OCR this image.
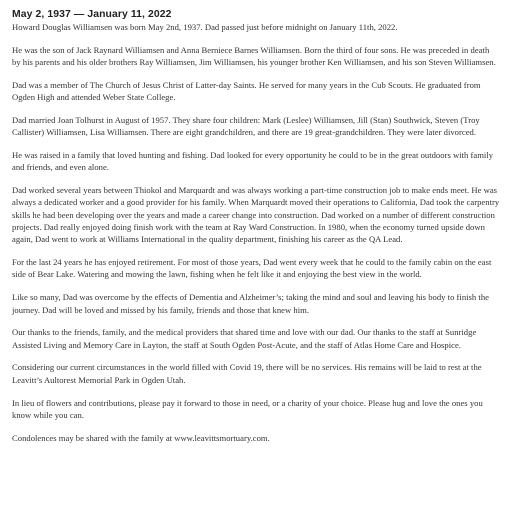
May 2, 1937 — January 11, 2022

Howard Douglas Williamsen was born May 2nd, 1937. Dad passed just before midnight on January 11th, 2022.

He was the son of Jack Raynard Williamsen and Anna Berniece Barnes Williamsen. Born the third of four sons. He was preceded in death by his parents and his older brothers Ray Williamsen, Jim Williamsen, his younger brother Ken Williamsen, and his son Steven Williamsen.

Dad was a member of The Church of Jesus Christ of Latter-day Saints. He served for many years in the Cub Scouts. He graduated from Ogden High and attended Weber State College.

Dad married Joan Tolhurst in August of 1957. They share four children: Mark (Leslee) Williamsen, Jill (Stan) Southwick, Steven (Troy Callister) Williamsen, Lisa Williamsen. There are eight grandchildren, and there are 19 great-grandchildren. They were later divorced.

He was raised in a family that loved hunting and fishing. Dad looked for every opportunity he could to be in the great outdoors with family and friends, and even alone.

Dad worked several years between Thiokol and Marquardt and was always working a part-time construction job to make ends meet. He was always a dedicated worker and a good provider for his family. When Marquardt moved their operations to California, Dad took the carpentry skills he had been developing over the years and made a career change into construction. Dad worked on a number of different construction projects. Dad really enjoyed doing finish work with the team at Ray Ward Construction. In 1980, when the economy turned upside down again, Dad went to work at Williams International in the quality department, finishing his career as the QA Lead.

For the last 24 years he has enjoyed retirement. For most of those years, Dad went every week that he could to the family cabin on the east side of Bear Lake. Watering and mowing the lawn, fishing when he felt like it and enjoying the best view in the world.

Like so many, Dad was overcome by the effects of Dementia and Alzheimer’s; taking the mind and soul and leaving his body to finish the journey. Dad will be loved and missed by his family, friends and those that knew him.

Our thanks to the friends, family, and the medical providers that shared time and love with our dad. Our thanks to the staff at Sunridge Assisted Living and Memory Care in Layton, the staff at South Ogden Post-Acute, and the staff of Atlas Home Care and Hospice.

Considering our current circumstances in the world filled with Covid 19, there will be no services. His remains will be laid to rest at the Leavitt’s Aultorest Memorial Park in Ogden Utah.

In lieu of flowers and contributions, please pay it forward to those in need, or a charity of your choice. Please hug and love the ones you know while you can.

Condolences may be shared with the family at www.leavittsmortuary.com.
